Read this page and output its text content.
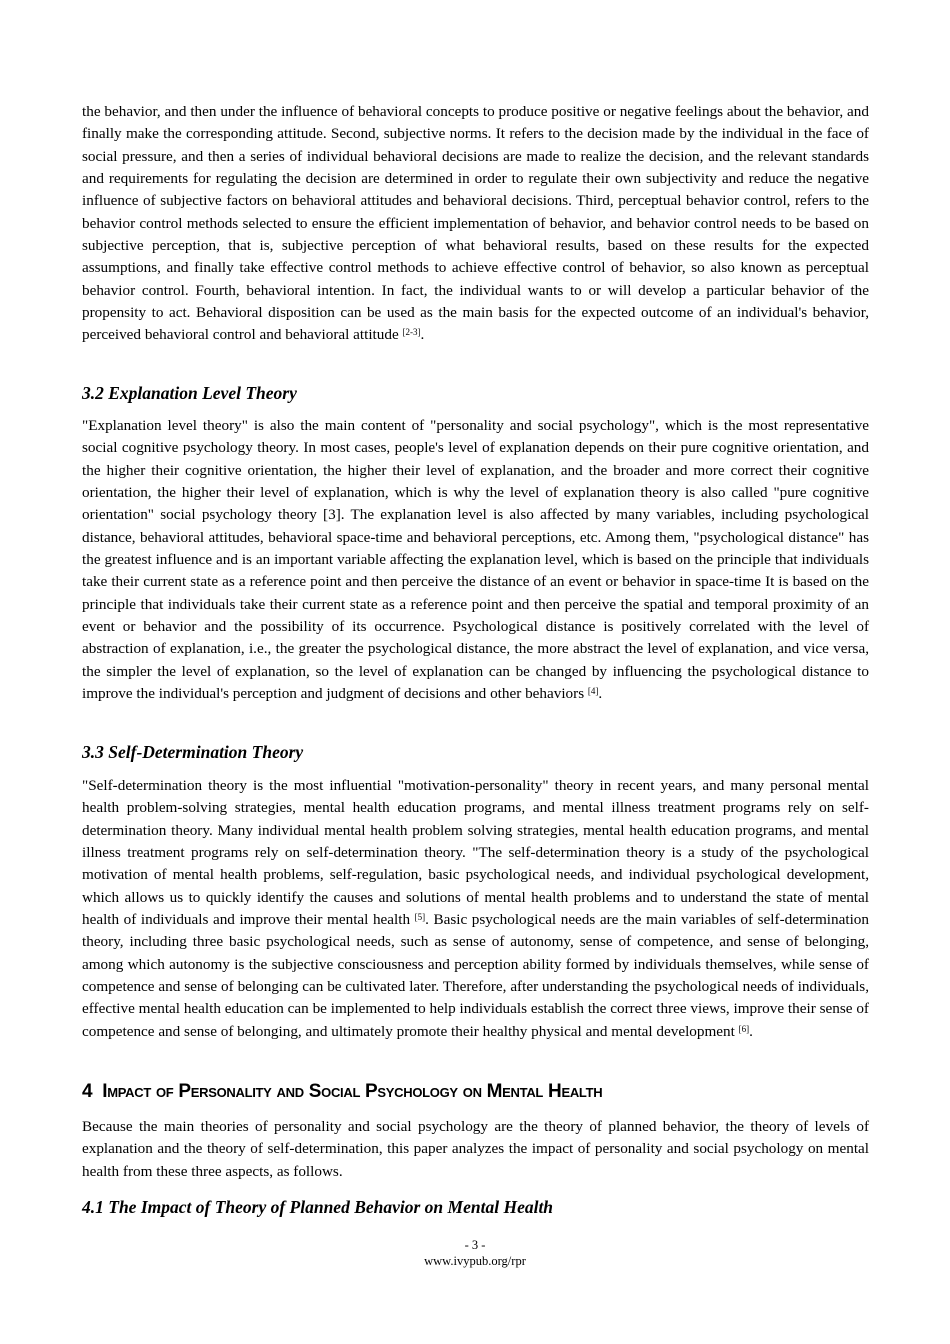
the behavior, and then under the influence of behavioral concepts to produce positive or negative feelings about the behavior, and finally make the corresponding attitude. Second, subjective norms. It refers to the decision made by the individual in the face of social pressure, and then a series of individual behavioral decisions are made to realize the decision, and the relevant standards and requirements for regulating the decision are determined in order to regulate their own subjectivity and reduce the negative influence of subjective factors on behavioral attitudes and behavioral decisions. Third, perceptual behavior control, refers to the behavior control methods selected to ensure the efficient implementation of behavior, and behavior control needs to be based on subjective perception, that is, subjective perception of what behavioral results, based on these results for the expected assumptions, and finally take effective control methods to achieve effective control of behavior, so also known as perceptual behavior control. Fourth, behavioral intention. In fact, the individual wants to or will develop a particular behavior of the propensity to act. Behavioral disposition can be used as the main basis for the expected outcome of an individual's behavior, perceived behavioral control and behavioral attitude [2-3].

3.2 Explanation Level Theory

"Explanation level theory" is also the main content of "personality and social psychology", which is the most representative social cognitive psychology theory. In most cases, people's level of explanation depends on their pure cognitive orientation, and the higher their cognitive orientation, the higher their level of explanation, and the broader and more correct their cognitive orientation, the higher their level of explanation, which is why the level of explanation theory is also called "pure cognitive orientation" social psychology theory [3]. The explanation level is also affected by many variables, including psychological distance, behavioral attitudes, behavioral space-time and behavioral perceptions, etc. Among them, "psychological distance" has the greatest influence and is an important variable affecting the explanation level, which is based on the principle that individuals take their current state as a reference point and then perceive the distance of an event or behavior in space-time It is based on the principle that individuals take their current state as a reference point and then perceive the spatial and temporal proximity of an event or behavior and the possibility of its occurrence. Psychological distance is positively correlated with the level of abstraction of explanation, i.e., the greater the psychological distance, the more abstract the level of explanation, and vice versa, the simpler the level of explanation, so the level of explanation can be changed by influencing the psychological distance to improve the individual's perception and judgment of decisions and other behaviors [4].

3.3 Self-Determination Theory

"Self-determination theory is the most influential "motivation-personality" theory in recent years, and many personal mental health problem-solving strategies, mental health education programs, and mental illness treatment programs rely on self-determination theory. Many individual mental health problem solving strategies, mental health education programs, and mental illness treatment programs rely on self-determination theory. "The self-determination theory is a study of the psychological motivation of mental health problems, self-regulation, basic psychological needs, and individual psychological development, which allows us to quickly identify the causes and solutions of mental health problems and to understand the state of mental health of individuals and improve their mental health [5]. Basic psychological needs are the main variables of self-determination theory, including three basic psychological needs, such as sense of autonomy, sense of competence, and sense of belonging, among which autonomy is the subjective consciousness and perception ability formed by individuals themselves, while sense of competence and sense of belonging can be cultivated later. Therefore, after understanding the psychological needs of individuals, effective mental health education can be implemented to help individuals establish the correct three views, improve their sense of competence and sense of belonging, and ultimately promote their healthy physical and mental development [6].

4 Impact of Personality and Social Psychology on Mental Health

Because the main theories of personality and social psychology are the theory of planned behavior, the theory of levels of explanation and the theory of self-determination, this paper analyzes the impact of personality and social psychology on mental health from these three aspects, as follows.

4.1 The Impact of Theory of Planned Behavior on Mental Health
- 3 -
www.ivypub.org/rpr
